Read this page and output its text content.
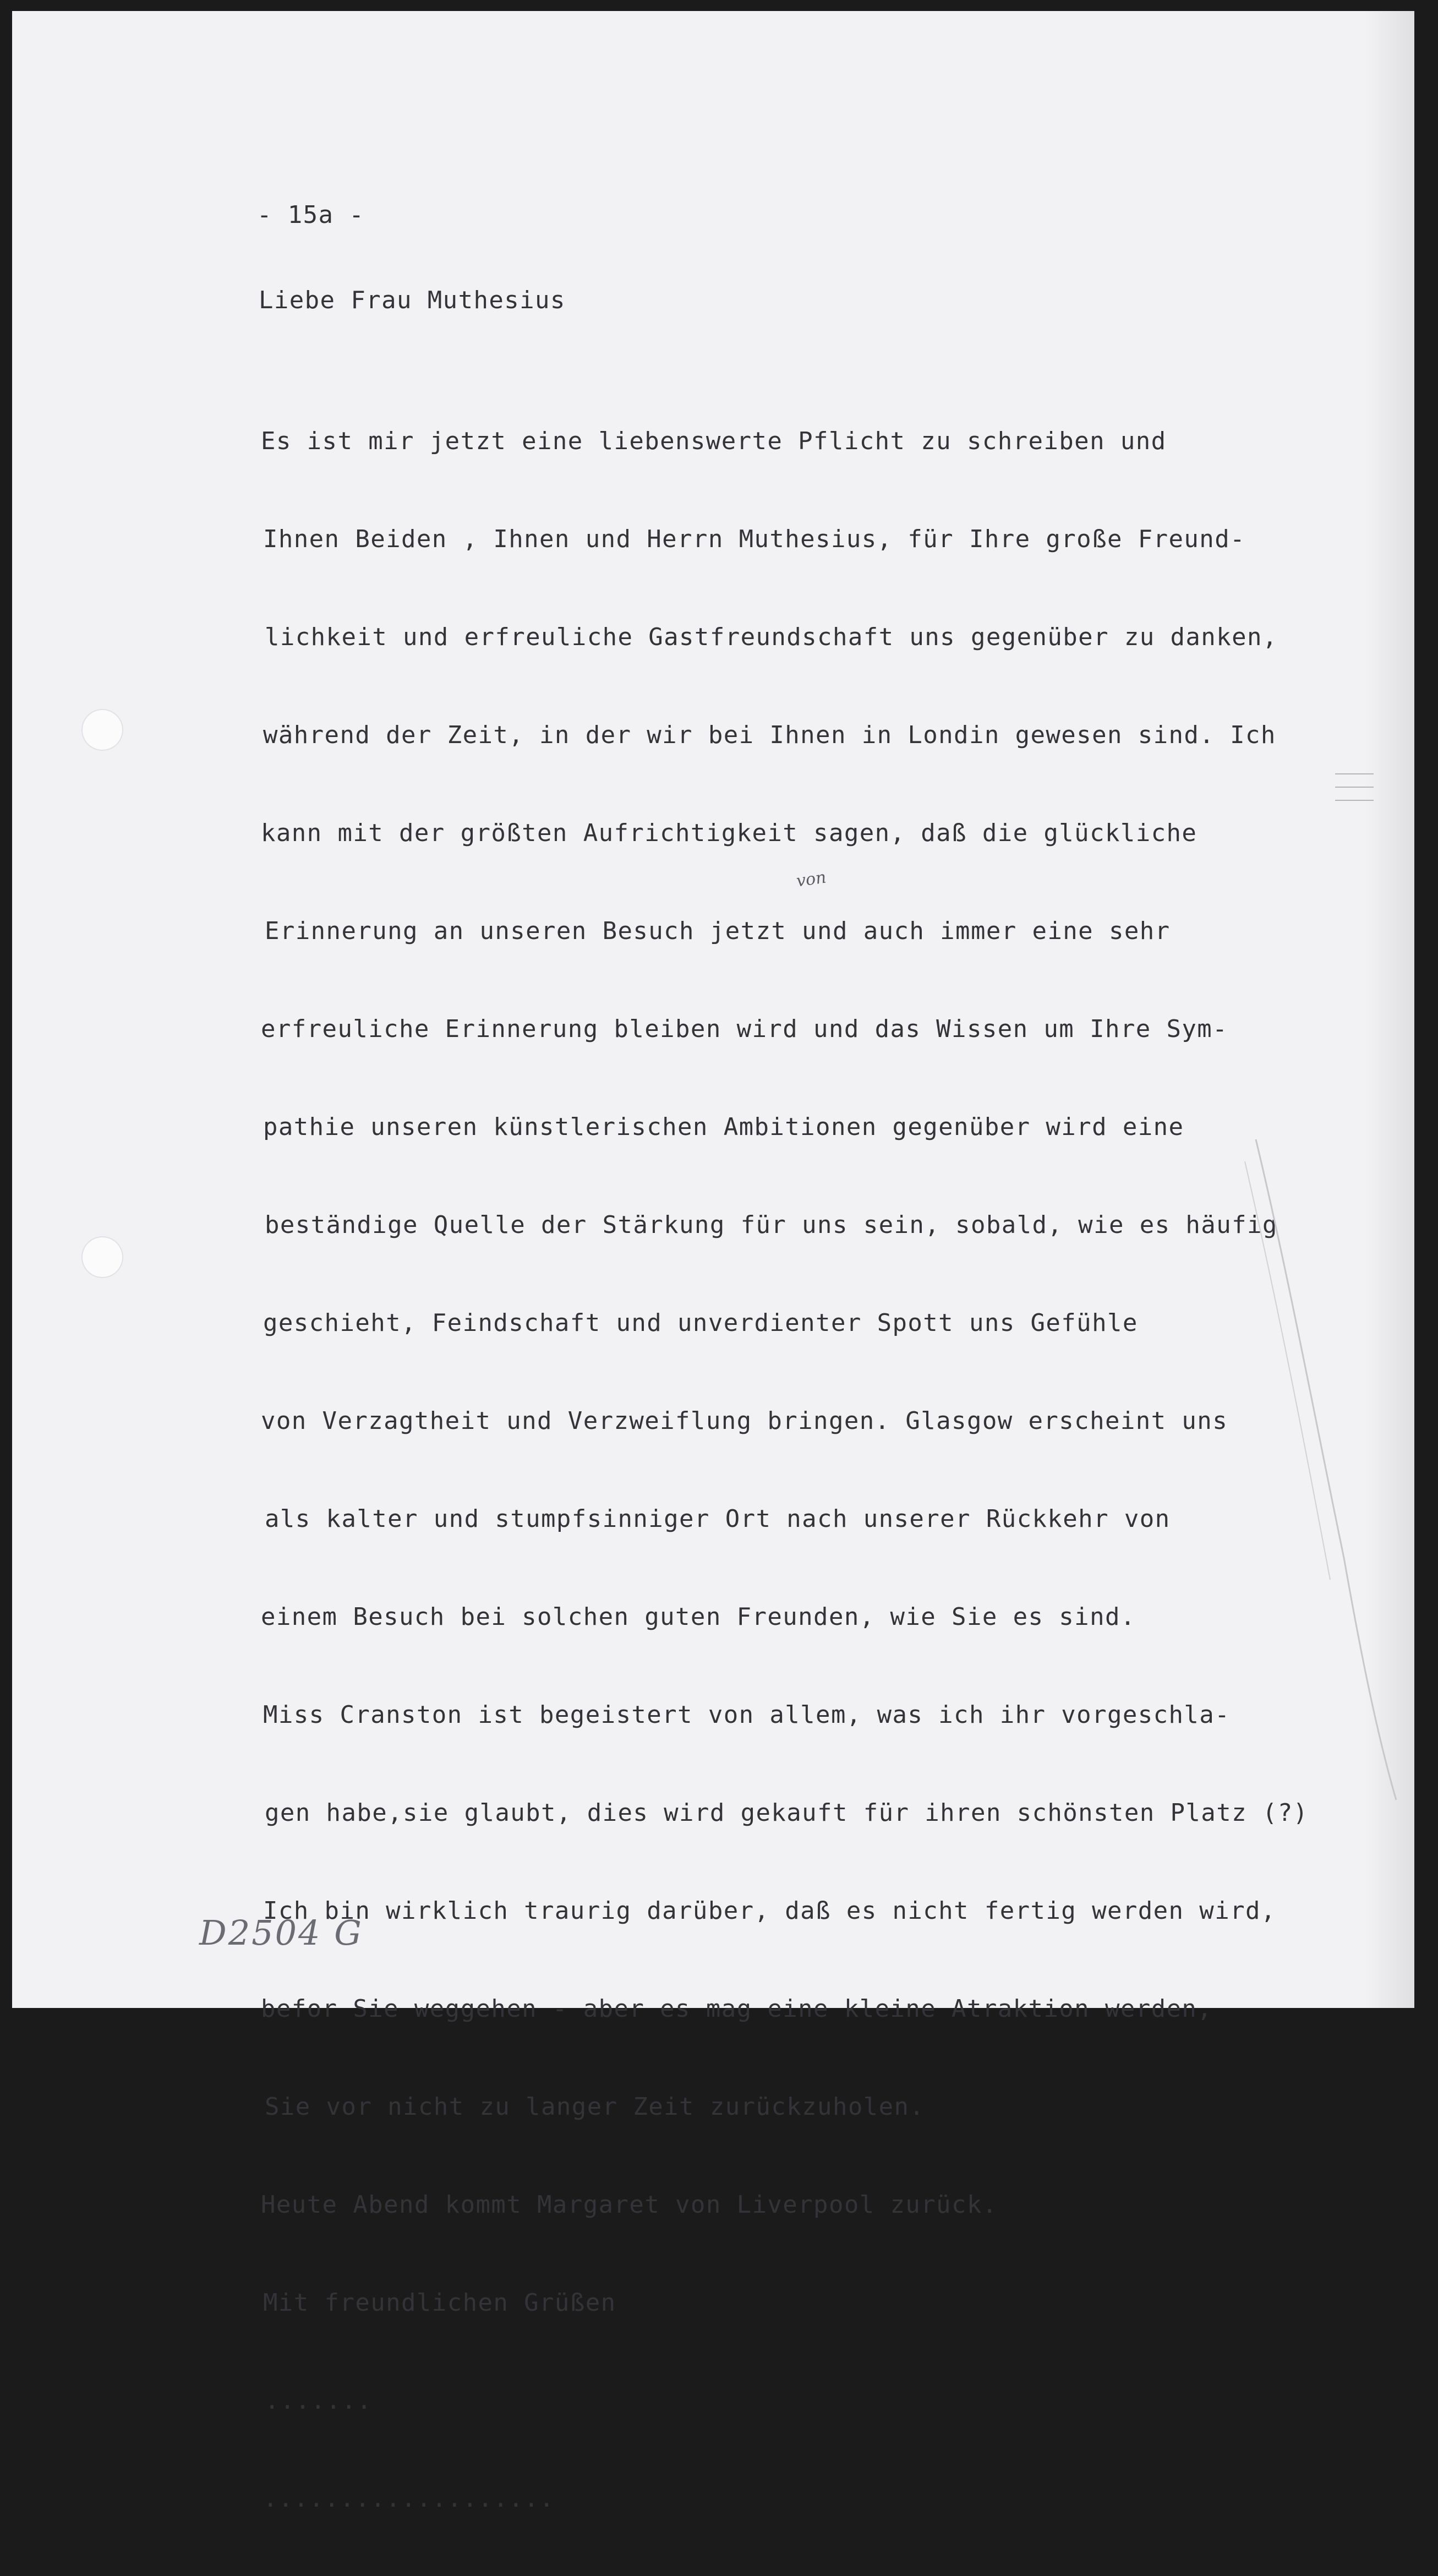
- 15a -
Liebe Frau Muthesius

Es ist mir jetzt eine liebenswerte Pflicht zu schreiben und

Ihnen Beiden , Ihnen und Herrn Muthesius, für Ihre große Freund-

lichkeit und erfreuliche Gastfreundschaft uns gegenüber zu danken,

während der Zeit, in der wir bei Ihnen in Londin gewesen sind. Ich

kann mit der größten Aufrichtigkeit sagen, daß die glückliche

Erinnerung an unseren Besuch jetzt und auch immer eine sehr

erfreuliche Erinnerung bleiben wird und das Wissen um Ihre Sym-

pathie unseren künstlerischen Ambitionen gegenüber wird eine

beständige Quelle der Stärkung für uns sein, sobald, wie es häufig

geschieht, Feindschaft und unverdienter Spott uns Gefühle

von Verzagtheit und Verzweiflung bringen. Glasgow erscheint uns

als kalter und stumpfsinniger Ort nach unserer Rückkehr von

einem Besuch bei solchen guten Freunden, wie Sie es sind.

Miss Cranston ist begeistert von allem, was ich ihr vorgeschla-

gen habe,sie glaubt, dies wird gekauft für ihren schönsten Platz (?)

Ich bin wirklich traurig darüber, daß es nicht fertig werden wird,

befor Sie weggehen - aber es mag eine kleine Atraktion werden,

Sie vor nicht zu langer Zeit zurückzuholen.

Heute Abend kommt Margaret von Liverpool zurück.

Mit freundlichen Grüßen

.......

...................

von
D2504 G
